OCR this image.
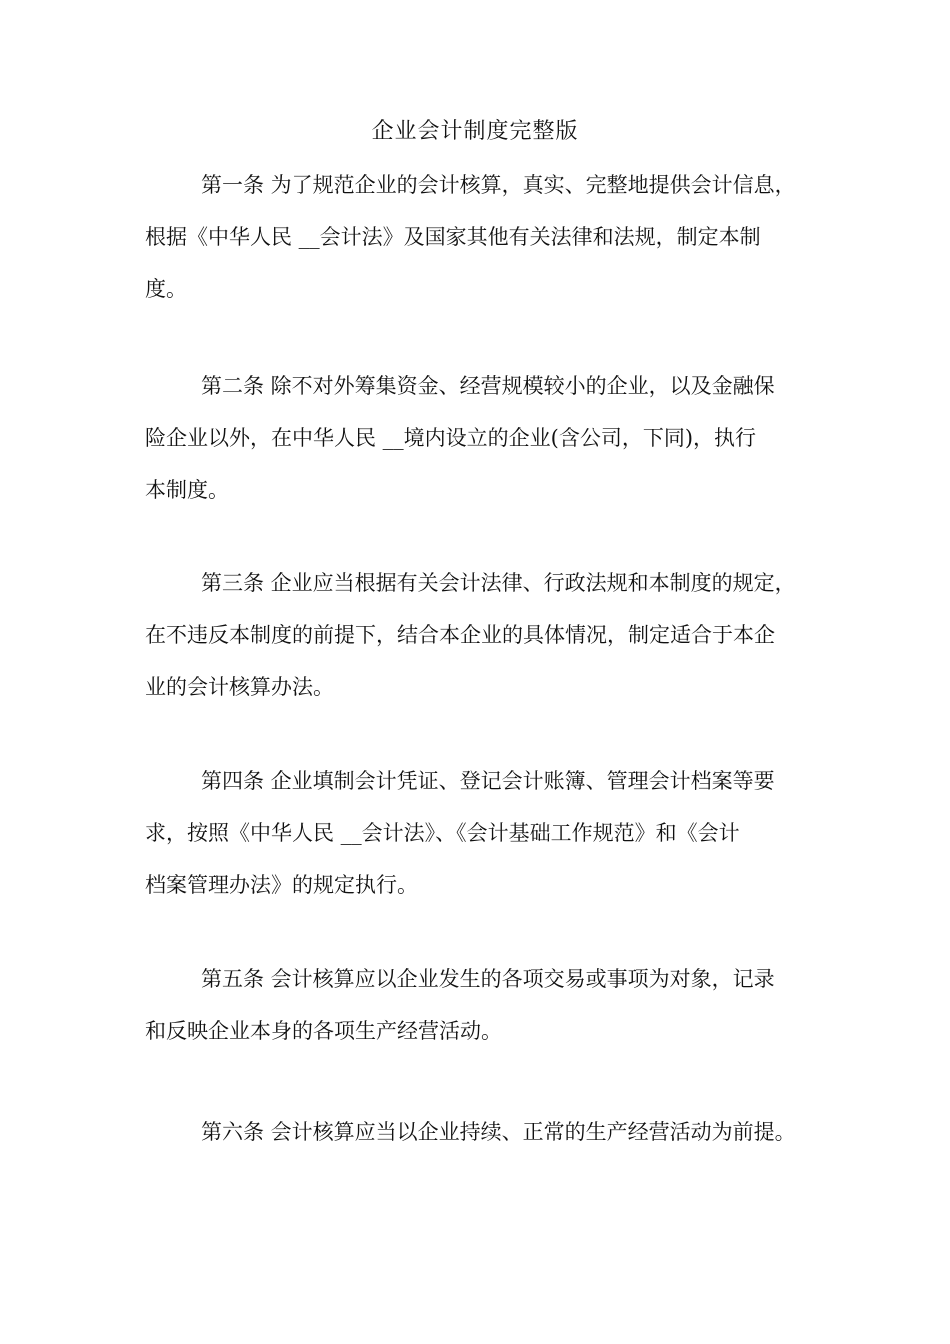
企业会计制度完整版
第一条 为了规范企业的会计核算，真实、完整地提供会计信息，
根据《中华人民 __会计法》及国家其他有关法律和法规，制定本制
度。
第二条 除不对外筹集资金、经营规模较小的企业，以及金融保
险企业以外，在中华人民 __境内设立的企业(含公司，下同)，执行
本制度。
第三条 企业应当根据有关会计法律、行政法规和本制度的规定，
在不违反本制度的前提下，结合本企业的具体情况，制定适合于本企
业的会计核算办法。
第四条 企业填制会计凭证、登记会计账簿、管理会计档案等要
求，按照《中华人民 __会计法》、《会计基础工作规范》和《会计
档案管理办法》的规定执行。
第五条 会计核算应以企业发生的各项交易或事项为对象，记录
和反映企业本身的各项生产经营活动。
第六条 会计核算应当以企业持续、正常的生产经营活动为前提。
